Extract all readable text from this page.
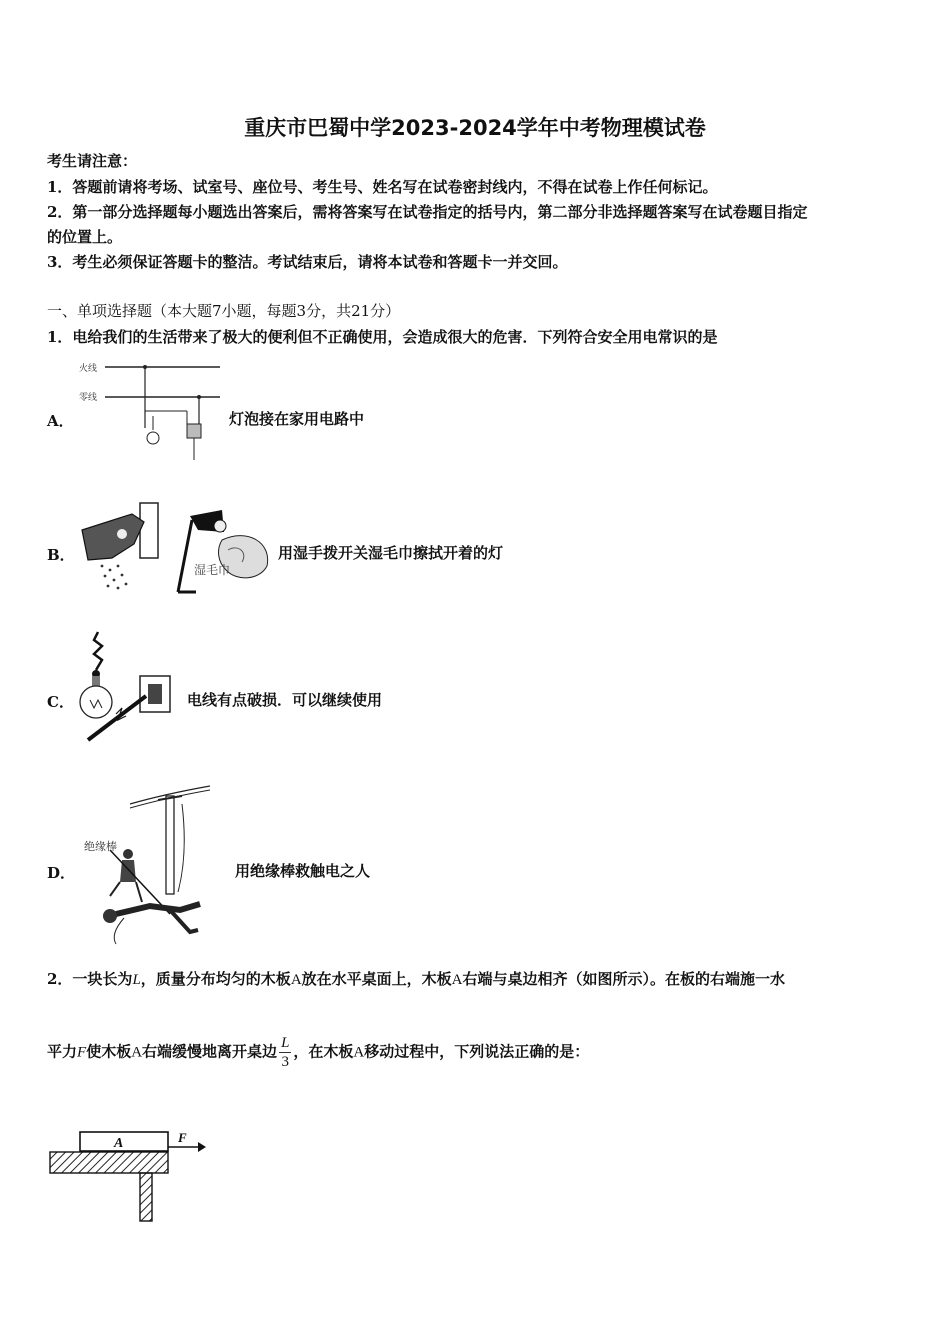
重庆市巴蜀中学2023-2024学年中考物理模试卷
考生请注意：
1．答题前请将考场、试室号、座位号、考生号、姓名写在试卷密封线内，不得在试卷上作任何标记。
2．第一部分选择题每小题选出答案后，需将答案写在试卷指定的括号内，第二部分非选择题答案写在试卷题目指定
的位置上。
3．考生必须保证答题卡的整洁。考试结束后，请将本试卷和答题卡一并交回。
一、单项选择题（本大题7小题，每题3分，共21分）
1．电给我们的生活带来了极大的便利但不正确使用，会造成很大的危害．下列符合安全用电常识的是
A．
火线
零线
灯泡接在家用电路中
B．
湿毛巾
用湿手拨开关湿毛巾擦拭开着的灯
C．	电线有点破损．可以继续使用
D．
绝缘棒
用绝缘棒救触电之人
2．一块长为L，质量分布均匀的木板A放在水平桌面上，木板A右端与桌边相齐（如图所示）。在板的右端施一水
平力F使木板A右端缓慢地离开桌边 $\frac{L}{3}$ ，在木板A移动过程中，下列说法正确的是：
A	F
